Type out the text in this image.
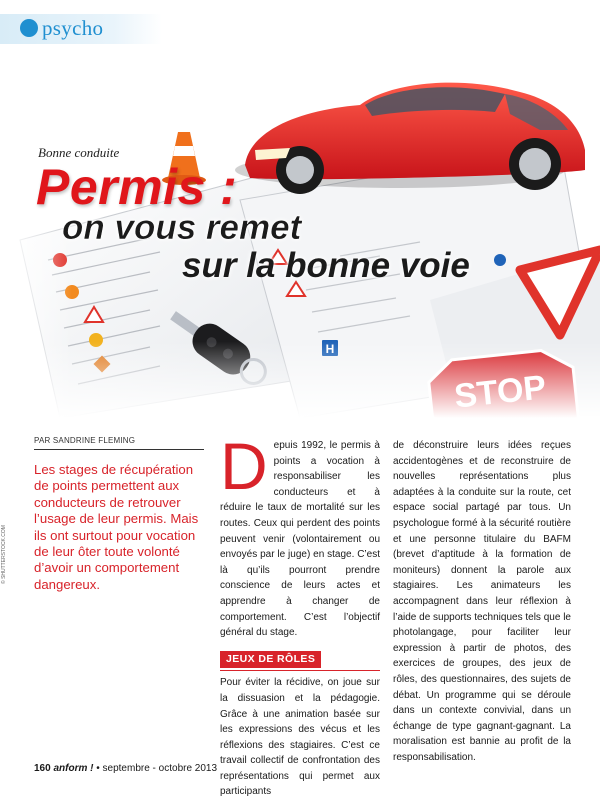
psycho
Bonne conduite
Permis :
on vous remet
sur la bonne voie
PAR SANDRINE FLEMING
Les stages de récupération de points permettent aux conducteurs de retrouver l’usage de leur permis. Mais ils ont surtout pour vocation de leur ôter toute volonté d’avoir un comportement dangereux.
© SHUTTERSTOCK.COM
D epuis 1992, le permis à points a vocation à responsabiliser les conducteurs et à réduire le taux de mortalité sur les routes. Ceux qui perdent des points peuvent venir (volontairement ou envoyés par le juge) en stage. C’est là qu’ils pourront prendre conscience de leurs actes et apprendre à changer de comportement. C’est l’objectif général du stage.
JEUX DE RÔLES
Pour éviter la récidive, on joue sur la dissuasion et la pédagogie. Grâce à une animation basée sur les expressions des vécus et les réflexions des stagiaires. C’est ce travail collectif de confrontation des représentations qui permet aux participants
de déconstruire leurs idées reçues accidentogènes et de reconstruire de nouvelles représentations plus adaptées à la conduite sur la route, cet espace social partagé par tous. Un psychologue formé à la sécurité routière et une personne titulaire du BAFM (brevet d’aptitude à la formation de moniteurs) donnent la parole aux stagiaires. Les animateurs les accompagnent dans leur réflexion à l’aide de supports techniques tels que le photolangage, pour faciliter leur expression à partir de photos, des exercices de groupes, des jeux de rôles, des questionnaires, des sujets de débat. Un programme qui se déroule dans un contexte convivial, dans un échange de type gagnant-gagnant. La moralisation est bannie au profit de la responsabilisation.
160 anform ! • septembre - octobre 2013
